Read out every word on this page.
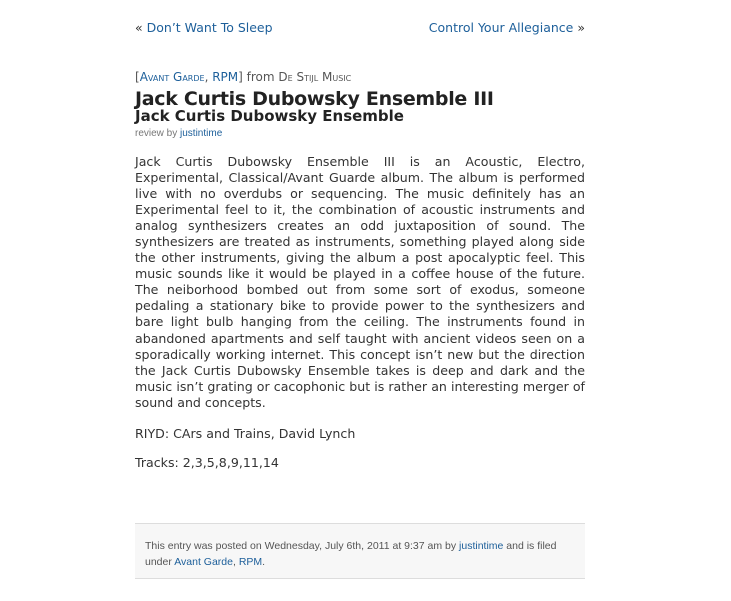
« Don’t Want To Sleep	Control Your Allegiance »
[Avant Garde, RPM] from De Stijl Music
Jack Curtis Dubowsky Ensemble III
Jack Curtis Dubowsky Ensemble
review by justintime

Jack Curtis Dubowsky Ensemble III is an Acoustic, Electro, Experimental, Classical/Avant Guarde album. The album is performed live with no overdubs or sequencing. The music definitely has an Experimental feel to it, the combination of acoustic instruments and analog synthesizers creates an odd juxtaposition of sound. The synthesizers are treated as instruments, something played along side the other instruments, giving the album a post apocalyptic feel. This music sounds like it would be played in a coffee house of the future. The neiborhood bombed out from some sort of exodus, someone pedaling a stationary bike to provide power to the synthesizers and bare light bulb hanging from the ceiling. The instruments found in abandoned apartments and self taught with ancient videos seen on a sporadically working internet. This concept isn’t new but the direction the Jack Curtis Dubowsky Ensemble takes is deep and dark and the music isn’t grating or cacophonic but is rather an interesting merger of sound and concepts.

RIYD: CArs and Trains, David Lynch

Tracks: 2,3,5,8,9,11,14

This entry was posted on Wednesday, July 6th, 2011 at 9:37 am by justintime and is filed under Avant Garde, RPM.
